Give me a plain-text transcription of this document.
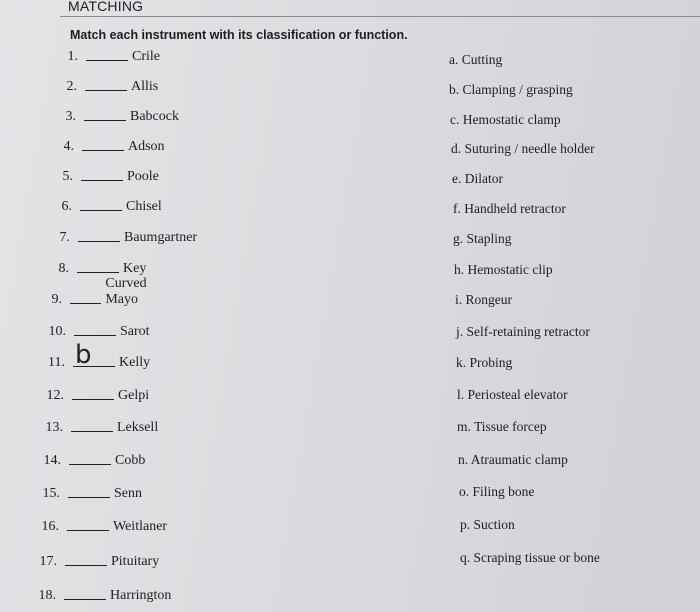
MATCHING
Match each instrument with its classification or function.
1.	Crile
2.	Allis
3.	Babcock
4.	Adson
5.	Poole
6.	Chisel
7.	Baumgartner
8.	Key
9.
Curved Mayo
10.	Sarot
11. b Kelly
12.	Gelpi
13.	Leksell
14.	Cobb
15.	Senn
16.	Weitlaner
17.	Pituitary
18.	Harrington
a. Cutting
b. Clamping / grasping
c. Hemostatic clamp
d. Suturing / needle holder
e. Dilator
f. Handheld retractor
g. Stapling
h. Hemostatic clip
i. Rongeur
j. Self-retaining retractor
k. Probing
l. Periosteal elevator
m. Tissue forcep
n. Atraumatic clamp
o. Filing bone
p. Suction
q. Scraping tissue or bone
